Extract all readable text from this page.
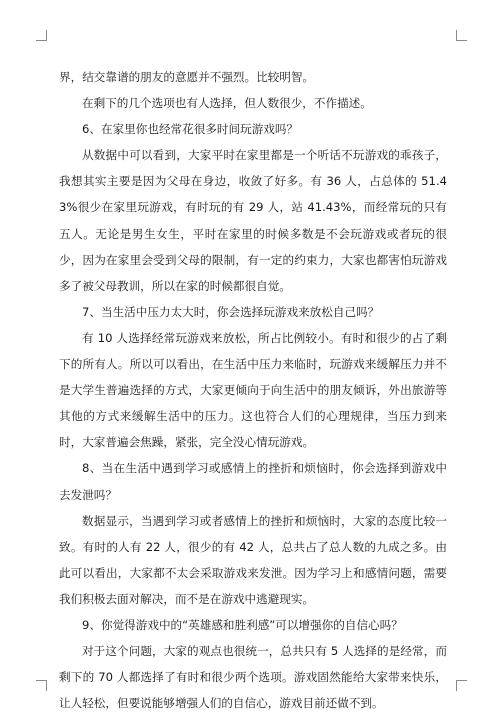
界，结交靠谱的朋友的意愿并不强烈。比较明智。

在剩下的几个选项也有人选择，但人数很少，不作描述。

6、在家里你也经常花很多时间玩游戏吗？

从数据中可以看到，大家平时在家里都是一个听话不玩游戏的乖孩子，我想其实主要是因为父母在身边，收敛了好多。有 36 人，占总体的 51.43%很少在家里玩游戏，有时玩的有 29 人，站 41.43%，而经常玩的只有五人。无论是男生女生，平时在家里的时候多数是不会玩游戏或者玩的很少，因为在家里会受到父母的限制，有一定的约束力，大家也都害怕玩游戏多了被父母教训，所以在家的时候都很自觉。

7、当生活中压力太大时，你会选择玩游戏来放松自己吗？

有 10 人选择经常玩游戏来放松，所占比例较小。有时和很少的占了剩下的所有人。所以可以看出，在生活中压力来临时，玩游戏来缓解压力并不是大学生普遍选择的方式，大家更倾向于向生活中的朋友倾诉，外出旅游等其他的方式来缓解生活中的压力。这也符合人们的心理规律，当压力到来时，大家普遍会焦躁，紧张，完全没心情玩游戏。

8、当在生活中遇到学习或感情上的挫折和烦恼时，你会选择到游戏中去发泄吗？

数据显示，当遇到学习或者感情上的挫折和烦恼时，大家的态度比较一致。有时的人有 22 人，很少的有 42 人，总共占了总人数的九成之多。由此可以看出，大家都不太会采取游戏来发泄。因为学习上和感情问题，需要我们积极去面对解决，而不是在游戏中逃避现实。

9、你觉得游戏中的“英雄感和胜利感”可以增强你的自信心吗？

对于这个问题，大家的观点也很统一，总共只有 5 人选择的是经常，而剩下的 70 人都选择了有时和很少两个选项。游戏固然能给大家带来快乐，让人轻松，但要说能够增强人们的自信心，游戏目前还做不到。
